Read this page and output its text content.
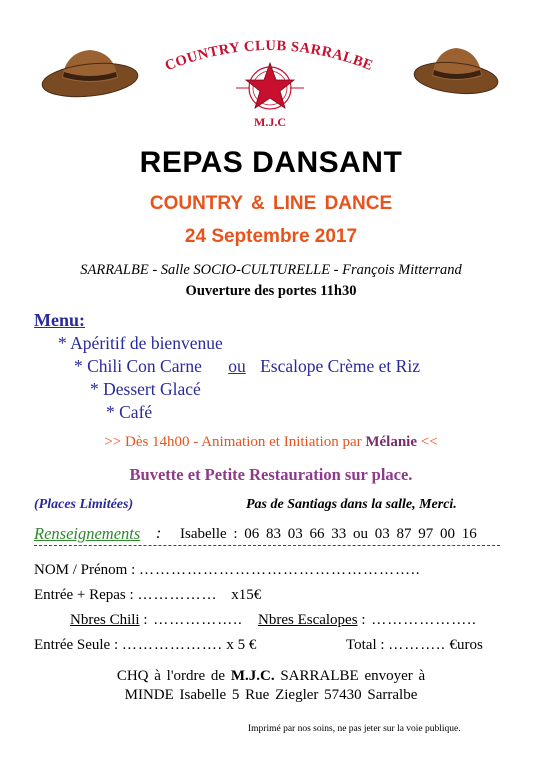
COUNTRY CLUB SARRALBE
M.J.C
REPAS DANSANT
COUNTRY & LINE DANCE
24 Septembre 2017
SARRALBE - Salle SOCIO-CULTURELLE - François Mitterrand
Ouverture des portes 11h30
Menu:
* Apéritif de bienvenue
* Chili Con Carne ou Escalope Crème et Riz
* Dessert Glacé
* Café
>> Dès 14h00 - Animation et Initiation par Mélanie <<
Buvette et Petite Restauration sur place.
(Places Limitées)	Pas de Santiags dans la salle, Merci.
Renseignements : Isabelle : 06 83 03 66 33 ou 03 87 97 00 16
NOM / Prénom : ……………………………………………..
Entrée + Repas : …………… x15€
Nbres Chili : …………….. Nbres Escalopes : ………………..
Entrée Seule : ………………. x 5 €	Total : ……….. €uros
CHQ à l'ordre de M.J.C. SARRALBE envoyer à
MINDE Isabelle 5 Rue Ziegler 57430 Sarralbe
Imprimé par nos soins, ne pas jeter sur la voie publique.
